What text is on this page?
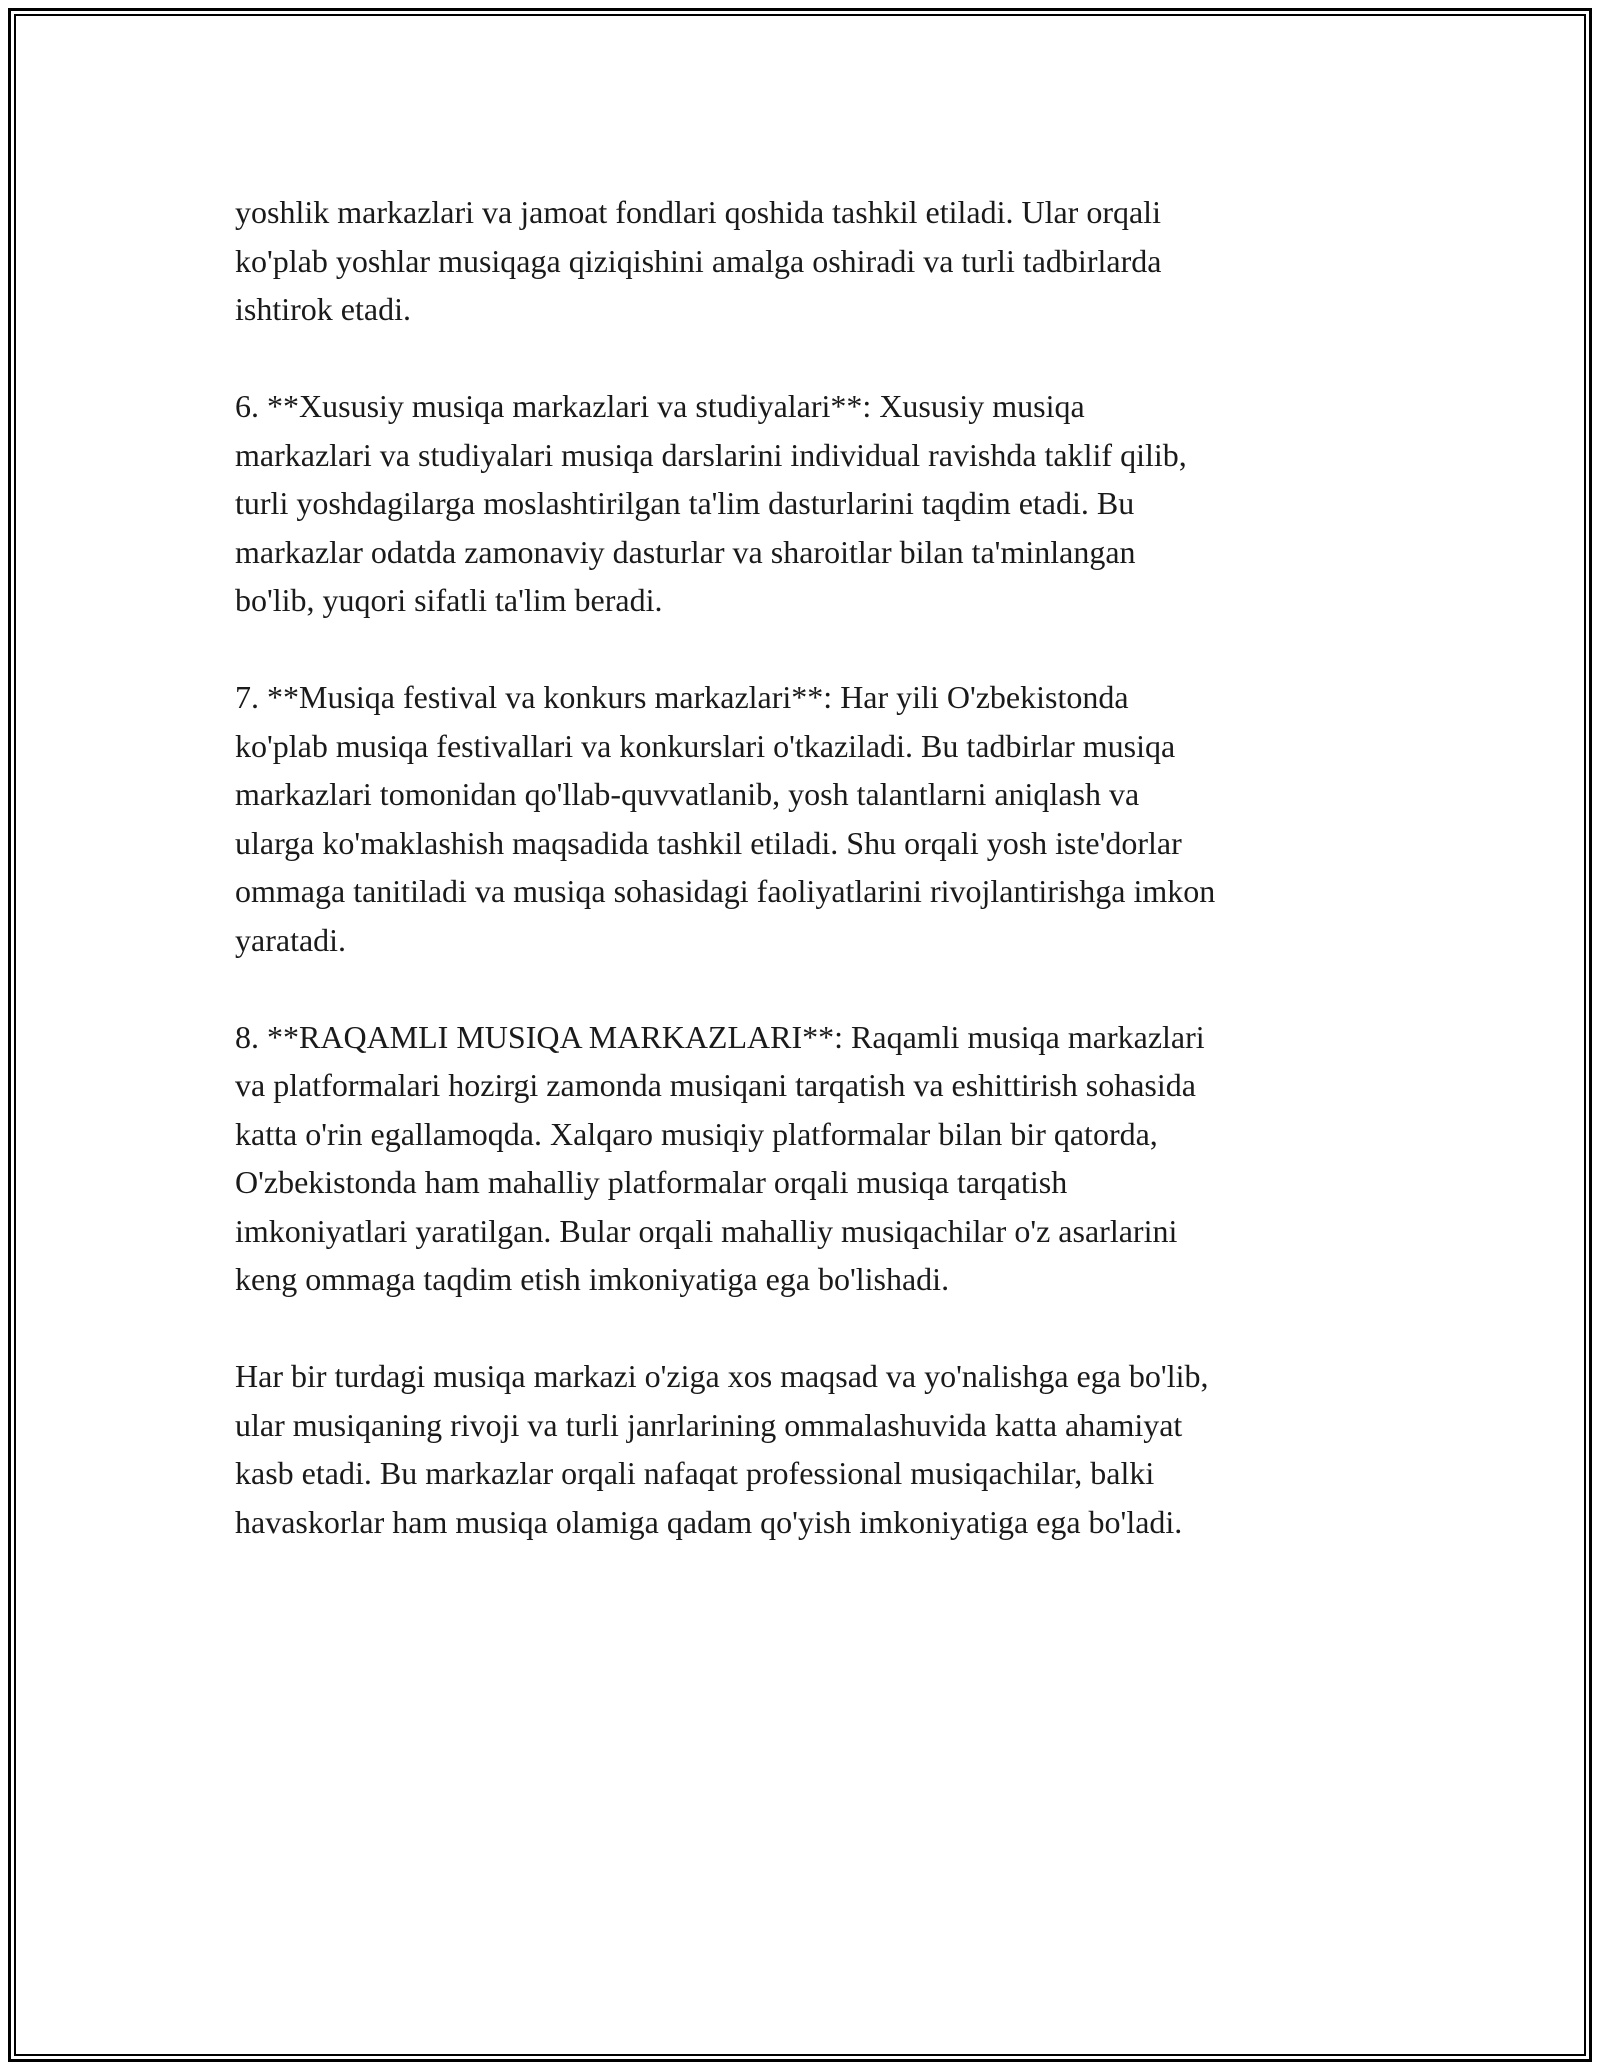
yoshlik markazlari va jamoat fondlari qoshida tashkil etiladi. Ular orqali
ko'plab yoshlar musiqaga qiziqishini amalga oshiradi va turli tadbirlarda
ishtirok etadi.

6. **Xususiy musiqa markazlari va studiyalari**: Xususiy musiqa
markazlari va studiyalari musiqa darslarini individual ravishda taklif qilib,
turli yoshdagilarga moslashtirilgan ta'lim dasturlarini taqdim etadi. Bu
markazlar odatda zamonaviy dasturlar va sharoitlar bilan ta'minlangan
bo'lib, yuqori sifatli ta'lim beradi.

7. **Musiqa festival va konkurs markazlari**: Har yili O'zbekistonda
ko'plab musiqa festivallari va konkurslari o'tkaziladi. Bu tadbirlar musiqa
markazlari tomonidan qo'llab-quvvatlanib, yosh talantlarni aniqlash va
ularga ko'maklashish maqsadida tashkil etiladi. Shu orqali yosh iste'dorlar
ommaga tanitiladi va musiqa sohasidagi faoliyatlarini rivojlantirishga imkon
yaratadi.

8. **RAQAMLI MUSIQA MARKAZLARI**: Raqamli musiqa markazlari
va platformalari hozirgi zamonda musiqani tarqatish va eshittirish sohasida
katta o'rin egallamoqda. Xalqaro musiqiy platformalar bilan bir qatorda,
O'zbekistonda ham mahalliy platformalar orqali musiqa tarqatish
imkoniyatlari yaratilgan. Bular orqali mahalliy musiqachilar o'z asarlarini
keng ommaga taqdim etish imkoniyatiga ega bo'lishadi.

Har bir turdagi musiqa markazi o'ziga xos maqsad va yo'nalishga ega bo'lib,
ular musiqaning rivoji va turli janrlarining ommalashuvida katta ahamiyat
kasb etadi. Bu markazlar orqali nafaqat professional musiqachilar, balki
havaskorlar ham musiqa olamiga qadam qo'yish imkoniyatiga ega bo'ladi.
